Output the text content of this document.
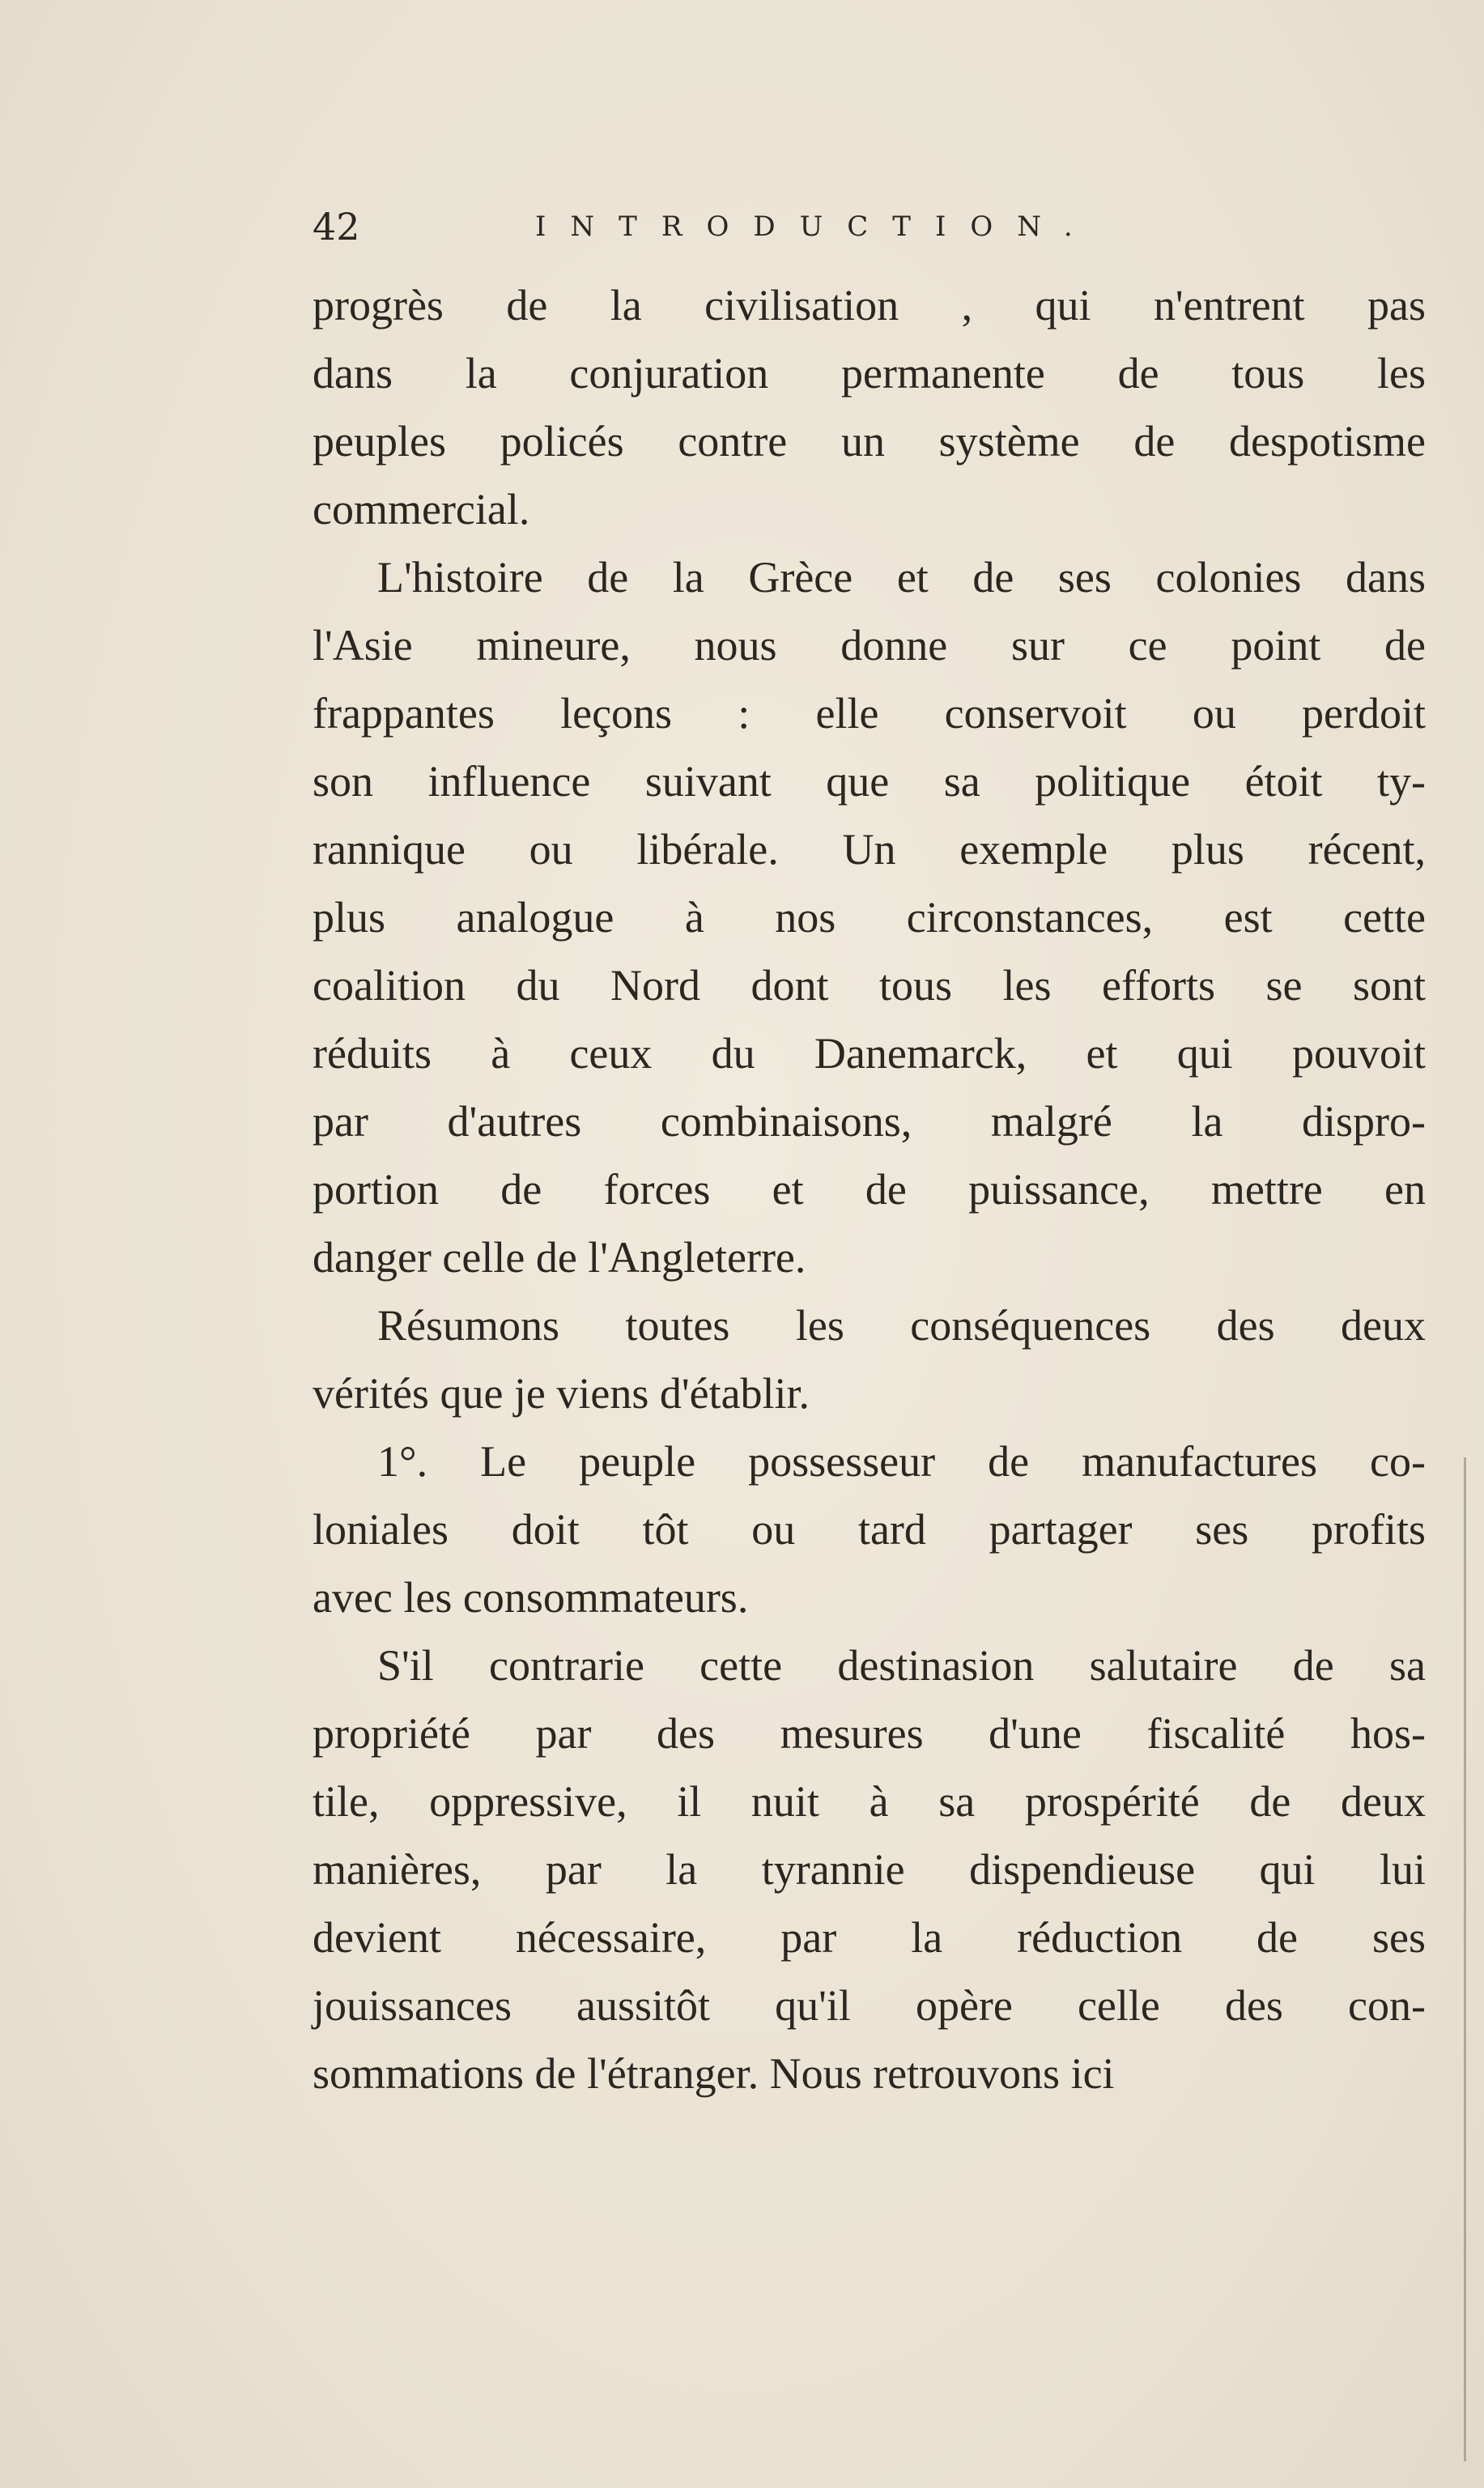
42	INTRODUCTION.
progrès de la civilisation , qui n'entrent pas
dans la conjuration permanente de tous les
peuples policés contre un système de despotisme
commercial.
L'histoire de la Grèce et de ses colonies dans
l'Asie mineure, nous donne sur ce point de
frappantes leçons : elle conservoit ou perdoit
son influence suivant que sa politique étoit ty-
rannique ou libérale. Un exemple plus récent,
plus analogue à nos circonstances, est cette
coalition du Nord dont tous les efforts se sont
réduits à ceux du Danemarck, et qui pouvoit
par d'autres combinaisons, malgré la dispro-
portion de forces et de puissance, mettre en
danger celle de l'Angleterre.
Résumons toutes les conséquences des deux
vérités que je viens d'établir.
1°. Le peuple possesseur de manufactures co-
loniales doit tôt ou tard partager ses profits
avec les consommateurs.
S'il contrarie cette destinasion salutaire de sa
propriété par des mesures d'une fiscalité hos-
tile, oppressive, il nuit à sa prospérité de deux
manières, par la tyrannie dispendieuse qui lui
devient nécessaire, par la réduction de ses
jouissances aussitôt qu'il opère celle des con-
sommations de l'étranger. Nous retrouvons ici
